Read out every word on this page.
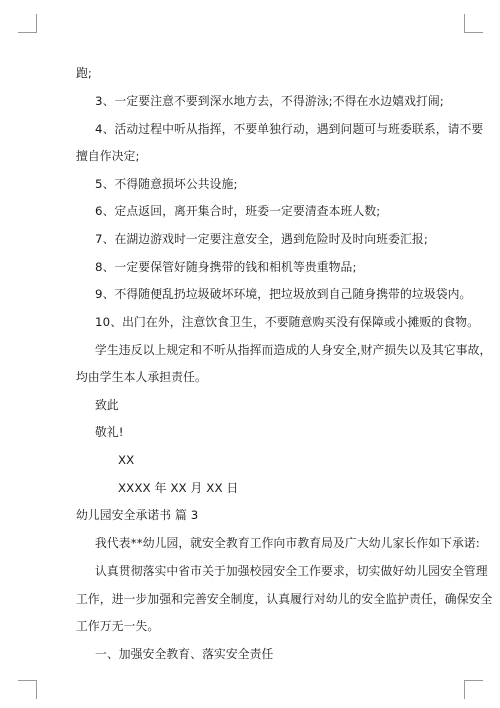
跑;
3、一定要注意不要到深水地方去，不得游泳;不得在水边嬉戏打闹;
4、活动过程中听从指挥，不要单独行动，遇到问题可与班委联系，请不要
擅自作决定;
5、不得随意损坏公共设施;
6、定点返回，离开集合时，班委一定要清查本班人数;
7、在湖边游戏时一定要注意安全，遇到危险时及时向班委汇报;
8、一定要保管好随身携带的钱和相机等贵重物品;
9、不得随便乱扔垃圾破坏环境，把垃圾放到自己随身携带的垃圾袋内。
10、出门在外，注意饮食卫生，不要随意购买没有保障或小摊贩的食物。
学生违反以上规定和不听从指挥而造成的人身安全,财产损失以及其它事故，
均由学生本人承担责任。
致此
敬礼!
XX
XXXX 年 XX 月 XX 日
幼儿园安全承诺书 篇 3
我代表**幼儿园，就安全教育工作向市教育局及广大幼儿家长作如下承诺:
认真贯彻落实中省市关于加强校园安全工作要求，切实做好幼儿园安全管理
工作，进一步加强和完善安全制度，认真履行对幼儿的安全监护责任，确保安全
工作万无一失。
一、加强安全教育、落实安全责任
